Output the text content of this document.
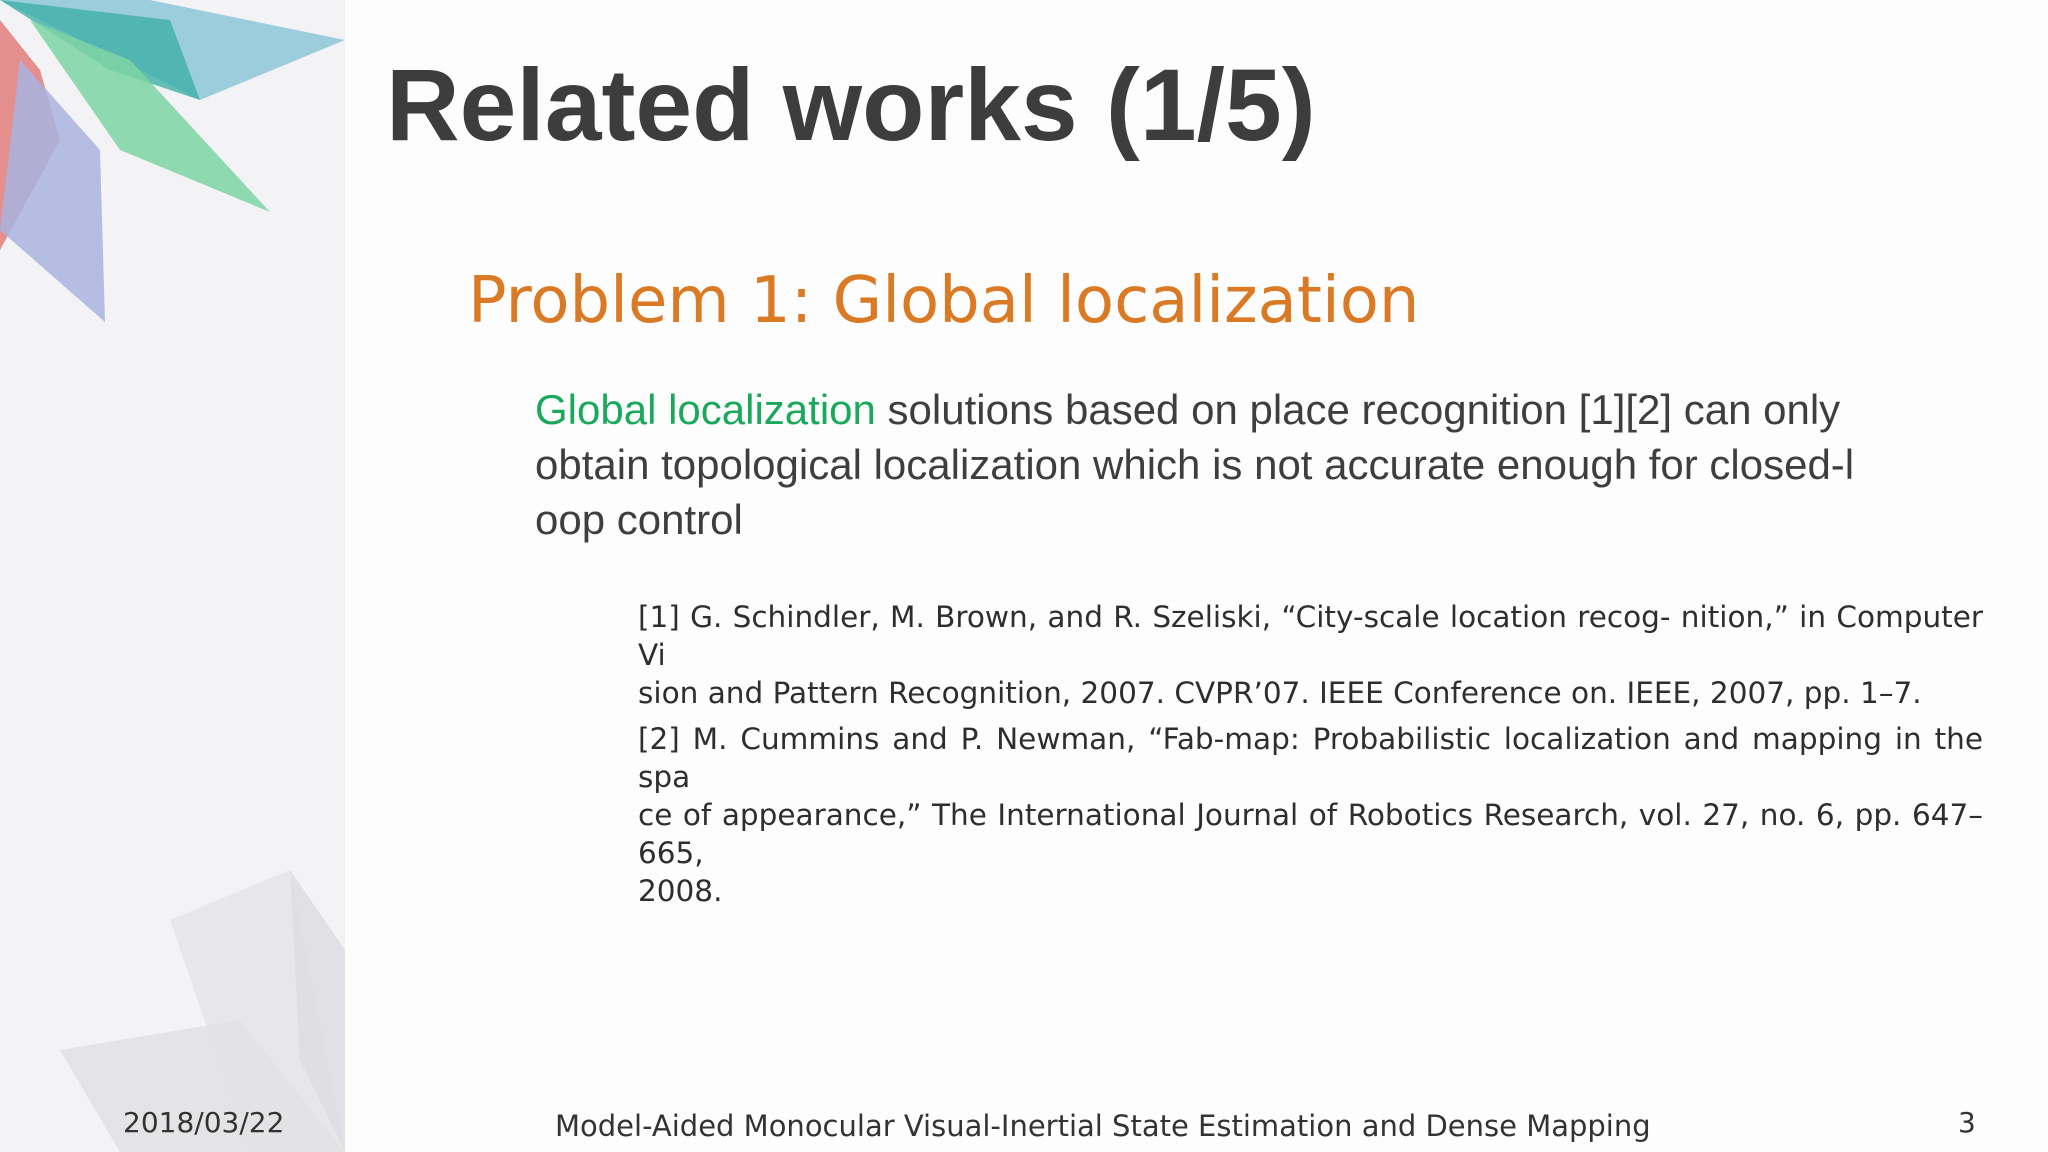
Related works (1/5)
Problem 1: Global localization
Global localization solutions based on place recognition [1][2] can only
obtain topological localization which is not accurate enough for closed-l
oop control
[1] G. Schindler, M. Brown, and R. Szeliski, “City-scale location recog- nition,” in Computer Vi
sion and Pattern Recognition, 2007. CVPR’07. IEEE Conference on. IEEE, 2007, pp. 1–7.
[2] M. Cummins and P. Newman, “Fab-map: Probabilistic localization and mapping in the spa
ce of appearance,” The International Journal of Robotics Research, vol. 27, no. 6, pp. 647–665,
2008.
2018/03/22	Model-Aided Monocular Visual-Inertial State Estimation and Dense Mapping	3
